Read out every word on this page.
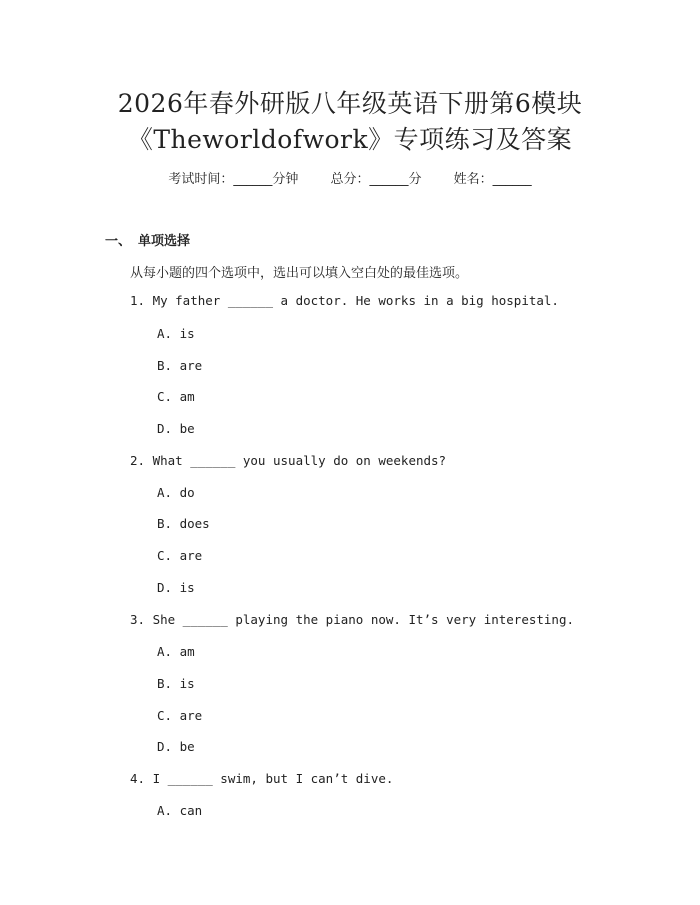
2026年春外研版八年级英语下册第6模块
《Theworldofwork》专项练习及答案
考试时间：______分钟 总分：______分 姓名：______
一、 单项选择
从每小题的四个选项中，选出可以填入空白处的最佳选项。
1. My father ______ a doctor. He works in a big hospital.
A. is
B. are
C. am
D. be
2. What ______ you usually do on weekends?
A. do
B. does
C. are
D. is
3. She ______ playing the piano now. It’s very interesting.
A. am
B. is
C. are
D. be
4. I ______ swim, but I can’t dive.
A. can
